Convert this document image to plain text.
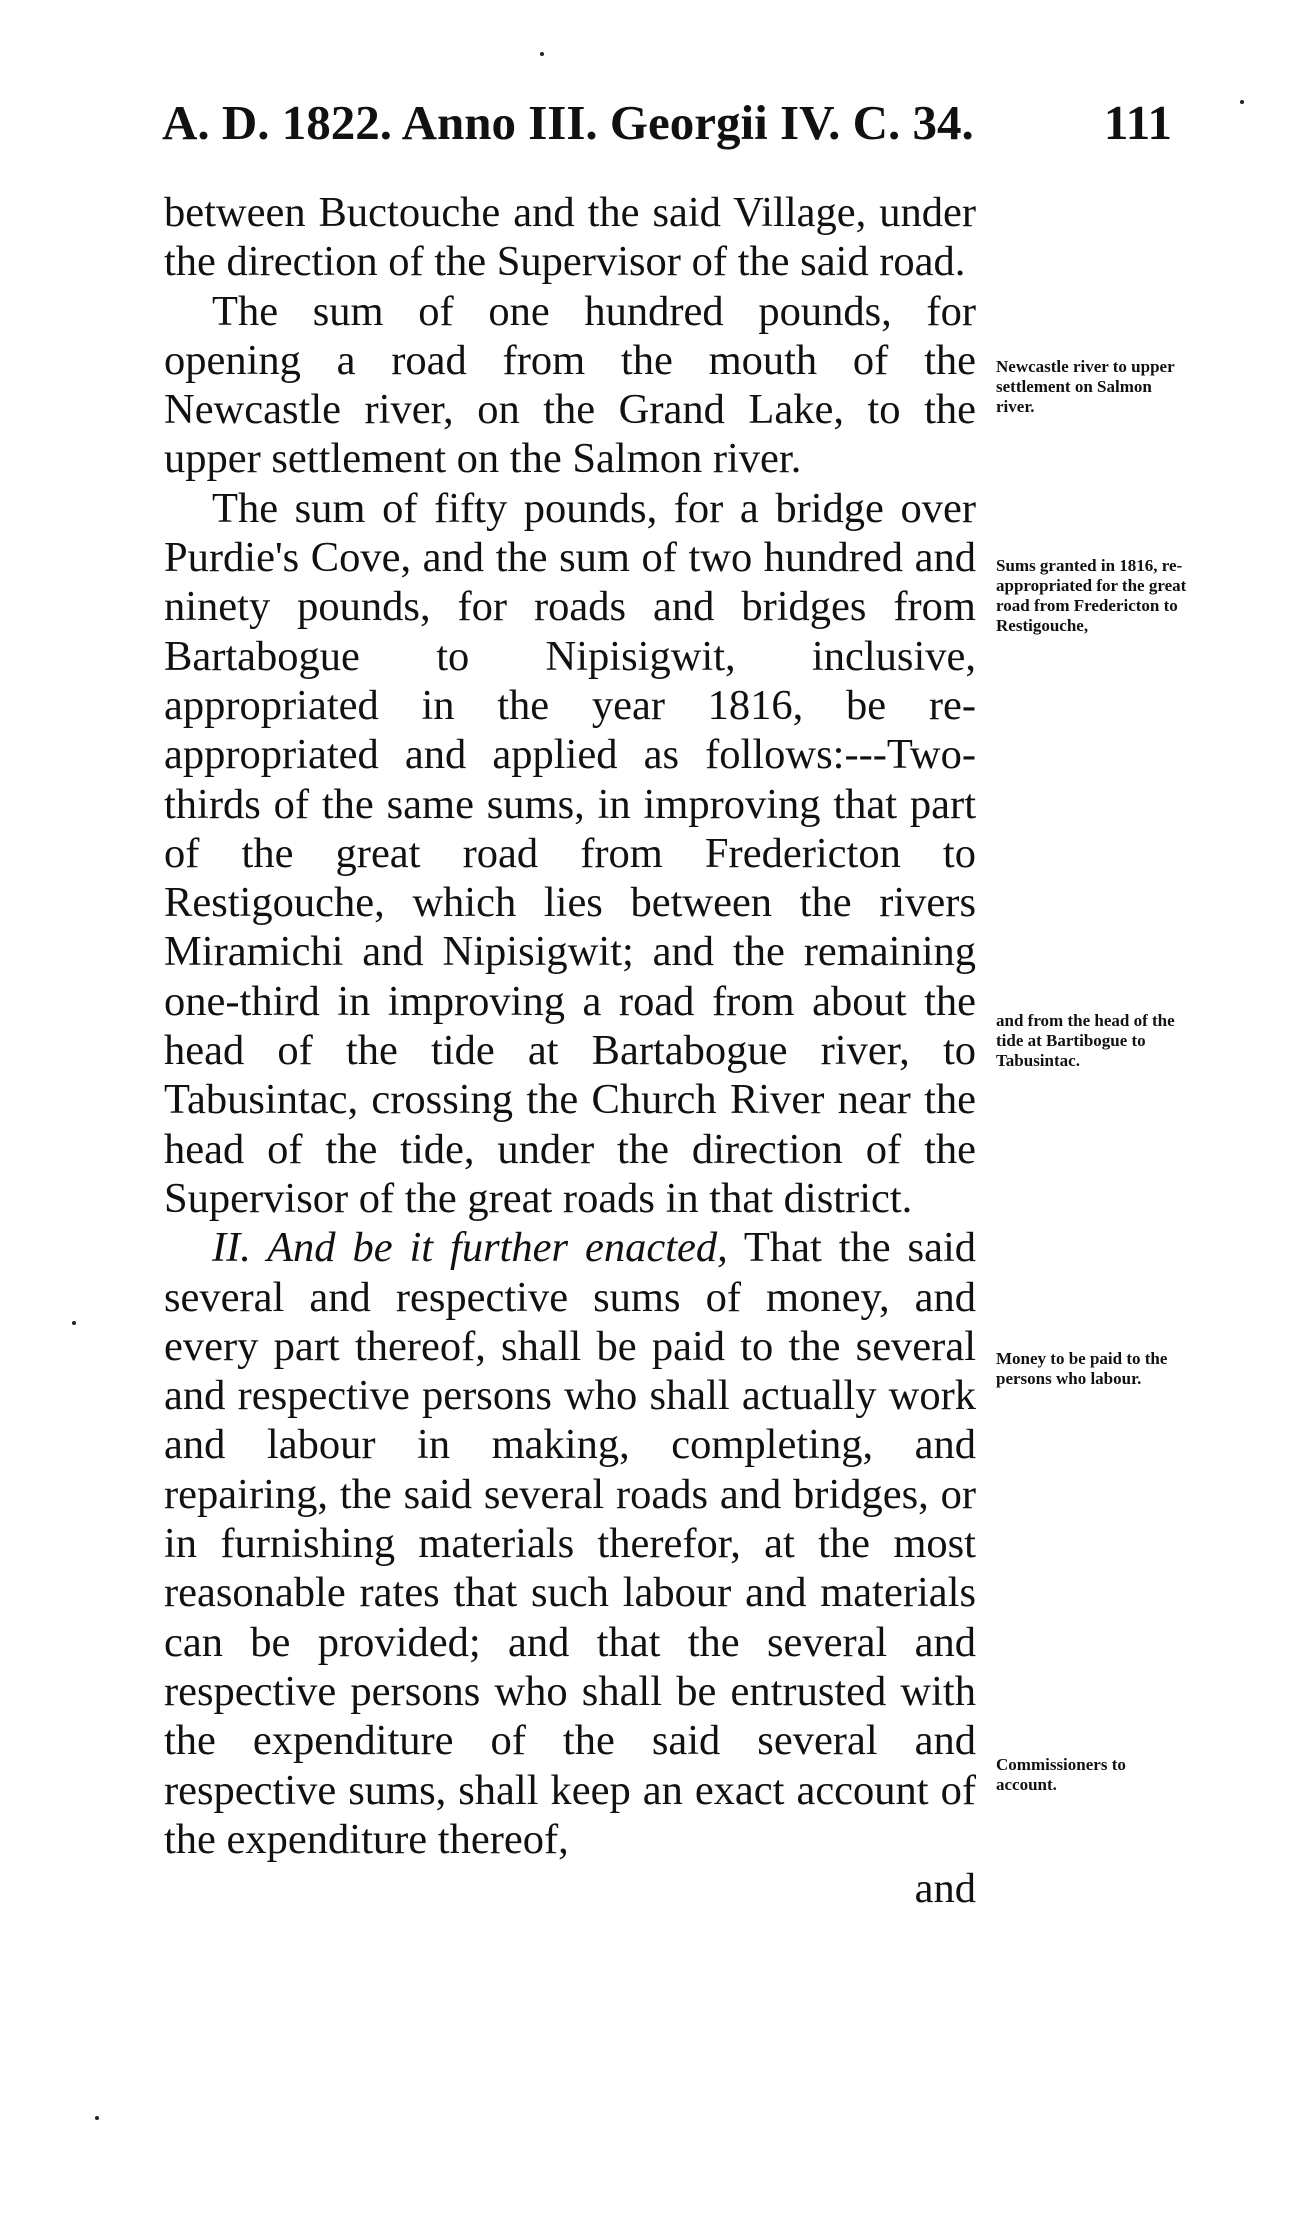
A. D. 1822. Anno III. Georgii IV. C. 34.	111

between Buctouche and the said Village, under the direction of the Supervisor of the said road.

The sum of one hundred pounds, for opening a road from the mouth of the Newcastle river, on the Grand Lake, to the upper settlement on the Salmon river.

The sum of fifty pounds, for a bridge over Purdie's Cove, and the sum of two hundred and ninety pounds, for roads and bridges from Bartabogue to Nipisigwit, inclusive, appropriated in the year 1816, be re-appropriated and applied as follows:---Two-thirds of the same sums, in improving that part of the great road from Fredericton to Restigouche, which lies between the rivers Miramichi and Nipisigwit; and the remaining one-third in improving a road from about the head of the tide at Bartabogue river, to Tabusintac, crossing the Church River near the head of the tide, under the direction of the Supervisor of the great roads in that district.

II. And be it further enacted, That the said several and respective sums of money, and every part thereof, shall be paid to the several and respective persons who shall actually work and labour in making, completing, and repairing, the said several roads and bridges, or in furnishing materials therefor, at the most reasonable rates that such labour and materials can be provided; and that the several and respective persons who shall be entrusted with the expenditure of the said several and respective sums, shall keep an exact account of the expenditure thereof,

and

Newcastle river to upper settlement on Salmon river.
Sums granted in 1816, re-appropriated for the great road from Fredericton to Restigouche,
and from the head of the tide at Bartibogue to Tabusintac.
Money to be paid to the persons who labour.
Commissioners to account.
